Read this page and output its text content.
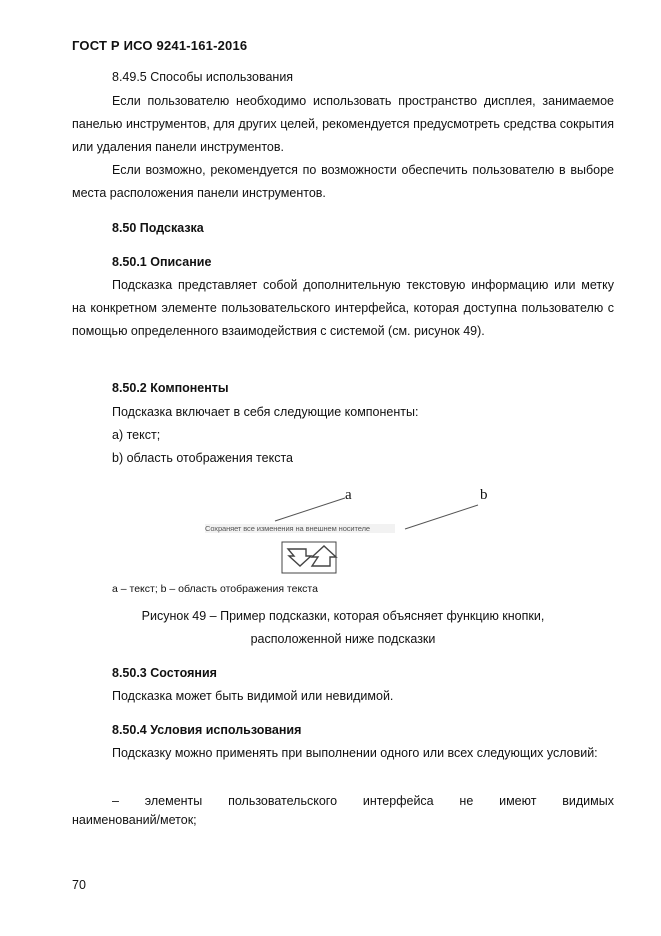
ГОСТ Р ИСО 9241-161-2016
8.49.5 Способы использования
Если пользователю необходимо использовать пространство дисплея, занимаемое панелью инструментов, для других целей, рекомендуется предусмотреть средства сокрытия или удаления панели инструментов.
Если возможно, рекомендуется по возможности обеспечить пользователю в выборе места расположения панели инструментов.
8.50 Подсказка
8.50.1 Описание
Подсказка представляет собой дополнительную текстовую информацию или метку на конкретном элементе пользовательского интерфейса, которая доступна пользователю с помощью определенного взаимодействия с системой (см. рисунок 49).
8.50.2 Компоненты
Подсказка включает в себя следующие компоненты:
а) текст;
b) область отображения текста
a	b
Сохраняет все изменения на внешнем носителе
а – текст; b – область отображения текста
Рисунок 49 – Пример подсказки, которая объясняет функцию кнопки,
расположенной ниже подсказки
8.50.3 Состояния
Подсказка может быть видимой или невидимой.
8.50.4 Условия использования
Подсказку можно применять при выполнении одного или всех следующих условий:
– элементы пользовательского интерфейса не имеют видимых
наименований/меток;
70
